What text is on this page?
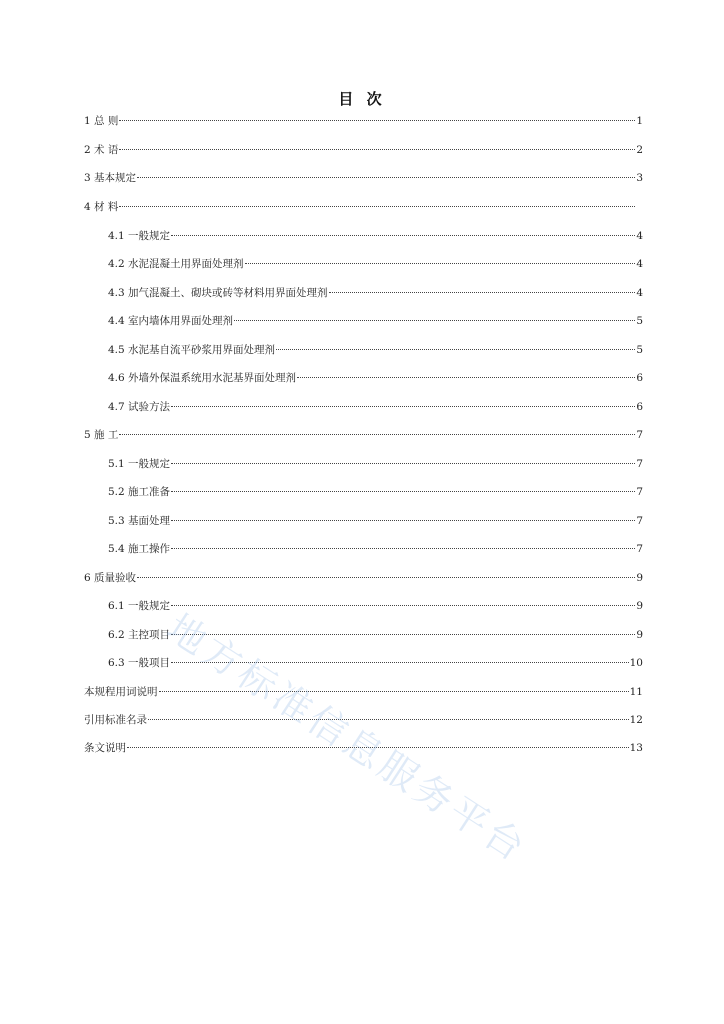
目 次
1 总 则	1
2 术 语	2
3 基本规定	3
4 材 料
4.1 一般规定	4
4.2 水泥混凝土用界面处理剂	4
4.3 加气混凝土、砌块或砖等材料用界面处理剂	4
4.4 室内墙体用界面处理剂	5
4.5 水泥基自流平砂浆用界面处理剂	5
4.6 外墙外保温系统用水泥基界面处理剂	6
4.7 试验方法	6
5 施 工	7
5.1 一般规定	7
5.2 施工准备	7
5.3 基面处理	7
5.4 施工操作	7
6 质量验收	9
6.1 一般规定	9
6.2 主控项目	9
6.3 一般项目	10
本规程用词说明	11
引用标准名录	12
条文说明	13
地方标准信息服务平台
